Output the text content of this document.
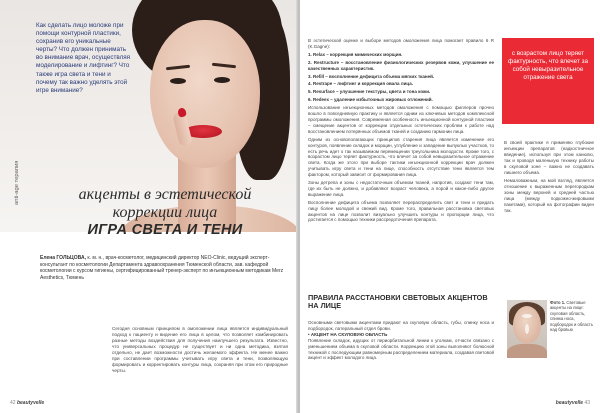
Как сделать лицо моложе при помощи контурной пластики, сохранив его уникальные черты? Что должен принимать во внимание врач, осуществляя моделирование и лифтинг? Что также игра света и тени и почему так важно уделять этой игре внимание?
anti-age терапия	акценты в эстетической
коррекции лица
ИГРА СВЕТА И ТЕНИ
Елена ГОЛЬЦОВА, к. м. н., врач-косметолог, медицинский директор NEO-Clinic, ведущий эксперт-консультант по косметологии Департамента здравоохранения Тюменской области, зав. кафедрой косметологии с курсом гигиены, сертифицированный тренер-эксперт по инъекционным методикам Merz Aesthetics, Тюмень
Сегодня основным принципом в омоложении лица является индивидуальный подход к пациенту и видение его лица в целом, что позволяет комбинировать разные методы воздействия для получения наилучшего результата. Известно, что универсальных процедур не существует и ни одна методика, взятая отдельно, не дает возможности достичь желаемого эффекта. Не менее важно при составлении программы учитывать игру света и тени, позволяющую формировать и корректировать контуры лица, сохраняя при этом его природные черты.
42 beautyvelle

В эстетической оценке и выборе методов омоложения лица помогает правило 6 R (K.Gagne):

1. Relax – коррекция мимических морщин.

2. Restructure – восстановление физиологических резервов кожи, улучшение ее качественных характеристик.

3. Refill – восполнение дефицита объема мягких тканей.

4. Restrape – лифтинг и коррекция овала лица.

5. Resurface – улучшение текстуры, цвета и тона кожи.

6. Redeex – удаление избыточных жировых отложений.

Использование инъекционных методов омоложения с помощью филлеров прочно вошло в повседневную практику и является одним из ключевых методов комплексной программы омоложения. Современная особенность инъекционной контурной пластики – смещение акцентов от коррекции отдельных эстетических проблем к работе над восстановлением потерянных объемов тканей и созданию гармонии лица.

Одним из основополагающих принципов старения лица является изменение его контуров, появление складок и морщин, углубление и западение выпуклых участков, то есть речь идет о так называемом перемещении треугольника молодости. Кроме того, с возрастом лицо теряет фактурность, что влечет за собой невыразительное отражение света. Когда же этого при выборе тактики инъекционной коррекции врач должен учитывать игру света и тени на лице, способность отсутствие тени является тем фактором, который зависит от формирования лица.

Зоны детрепа и зоны с недостаточным объемом тканей, напротив, создают тени там, где их быть не должно, и добавляют возраст человека, а порой и какое-либо другое выражение лица.

Восполнение дефицита объема позволяет перераспределить свет и тени и придать лицу более молодой и свежий вид. Кроме того, правильная расстановка световых акцентов на лице позволит визуально улучшить контуры и пропорции лица, что достигается с помощью техники рассредоточения препарата.

ПРАВИЛА РАССТАНОВКИ СВЕТОВЫХ АКЦЕНТОВ НА ЛИЦЕ

Основными световыми акцентами придают на скуловую область, губы, спинку носа и подбородок, латеральный отдел брови.

• АКЦЕНТ НА СКУЛОВУЮ ОБЛАСТЬ

Появление складок, идущих от периорбитальной линии к уголкам, отчасти связано с уменьшением объема в скуловой области. Коррекцию этой зоны выполняют болюсной техникой с последующим равномерным распределением материала, создавая световой акцент и эффект молодого лица.

с возрастом лицо теряет фактурность, что влечет за собой невыразительное отражение света

В своей практике я применяю глубокие инъекции препаратов (надкостничное введение), используя при этом канюлю, так и проводя маленькую технику работы в скуловой зоне – важно не создавать лишнего объема.

Немаловажным, на мой взгляд, является отношение к выраженным перегородкам зоны между верхней и средней частью лица (между подкожно-жировыми пакетами), который на фотографии виден так.

Фото 1. Световые акценты на лице: скуловая область, спинка носа, подбородок и область над бровью
beautyvelle 43
